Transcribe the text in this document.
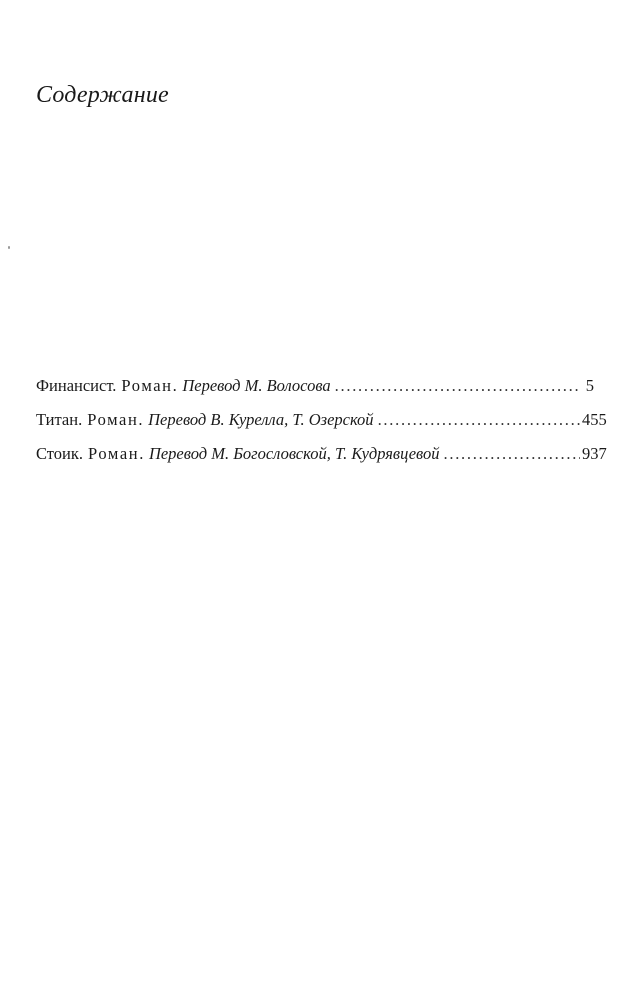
Содержание
Финансист. Роман. Перевод М. Волосова . . .	5
Титан. Роман. Перевод В. Курелла, Т. Озерской . . .	455
Стоик. Роман. Перевод М. Богословской, Т. Кудрявцевой . . .	937
